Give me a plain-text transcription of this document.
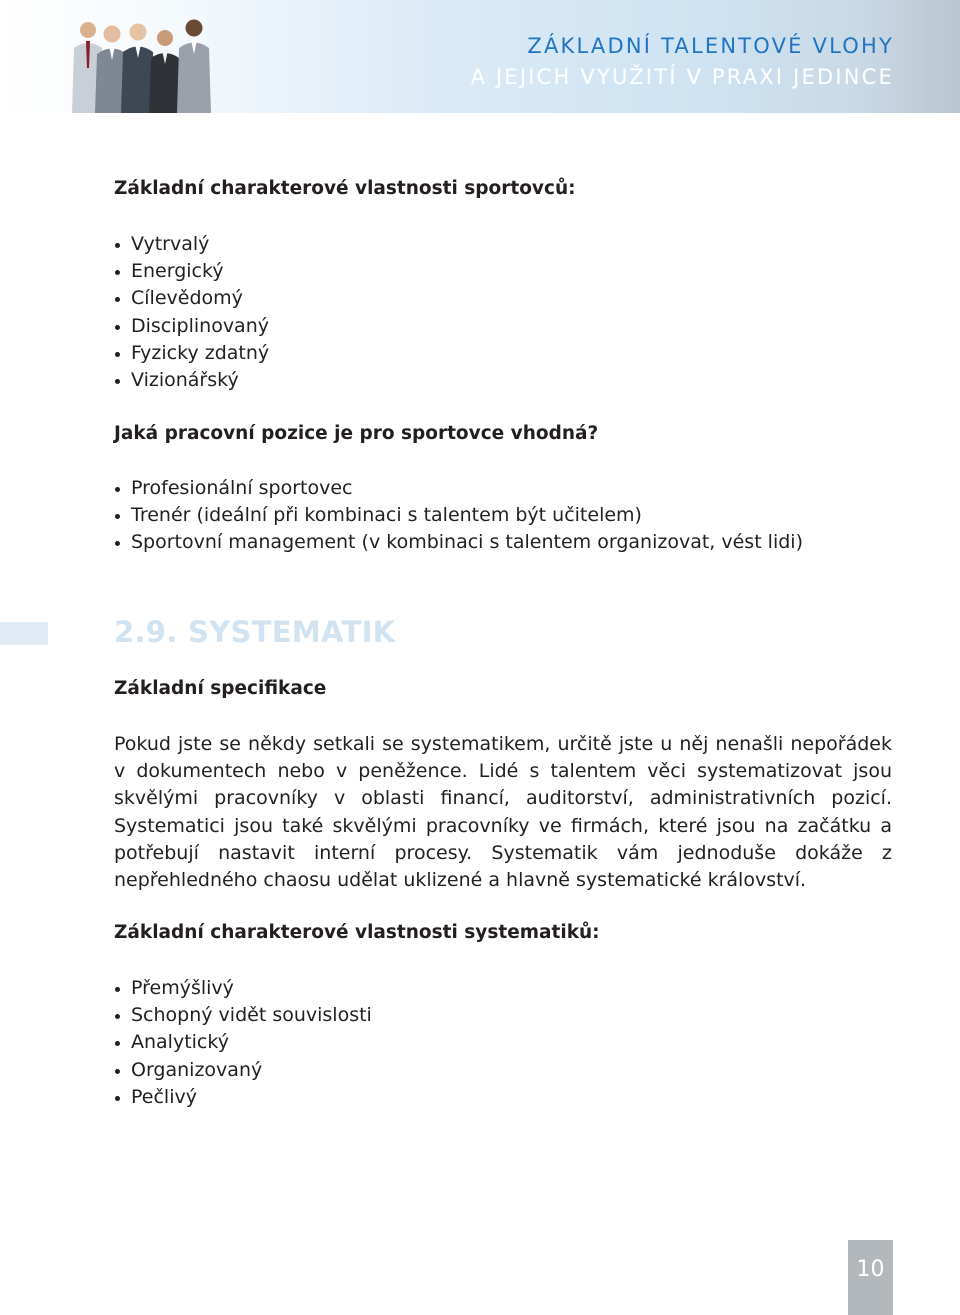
ZÁKLADNÍ TALENTOVÉ VLOHY
A JEJICH VYUŽITÍ V PRAXI JEDINCE
Základní charakterové vlastnosti sportovců:
Vytrvalý
Energický
Cílevědomý
Disciplinovaný
Fyzicky zdatný
Vizionářský
Jaká pracovní pozice je pro sportovce vhodná?
Profesionální sportovec
Trenér (ideální při kombinaci s talentem být učitelem)
Sportovní management (v kombinaci s talentem organizovat, vést lidi)
2.9. SYSTEMATIK
Základní specifikace

Pokud jste se někdy setkali se systematikem, určitě jste u něj nenašli nepořádek v dokumentech nebo v peněžence. Lidé s talentem věci systematizovat jsou skvělými pracovníky v oblasti financí, auditorství, administrativních pozicí. Systematici jsou také skvělými pracovníky ve firmách, které jsou na začátku a potřebují nastavit interní procesy. Systematik vám jednoduše dokáže z nepřehledného chaosu udělat uklizené a hlavně systematické království.

Základní charakterové vlastnosti systematiků:
Přemýšlivý
Schopný vidět souvislosti
Analytický
Organizovaný
Pečlivý
10
